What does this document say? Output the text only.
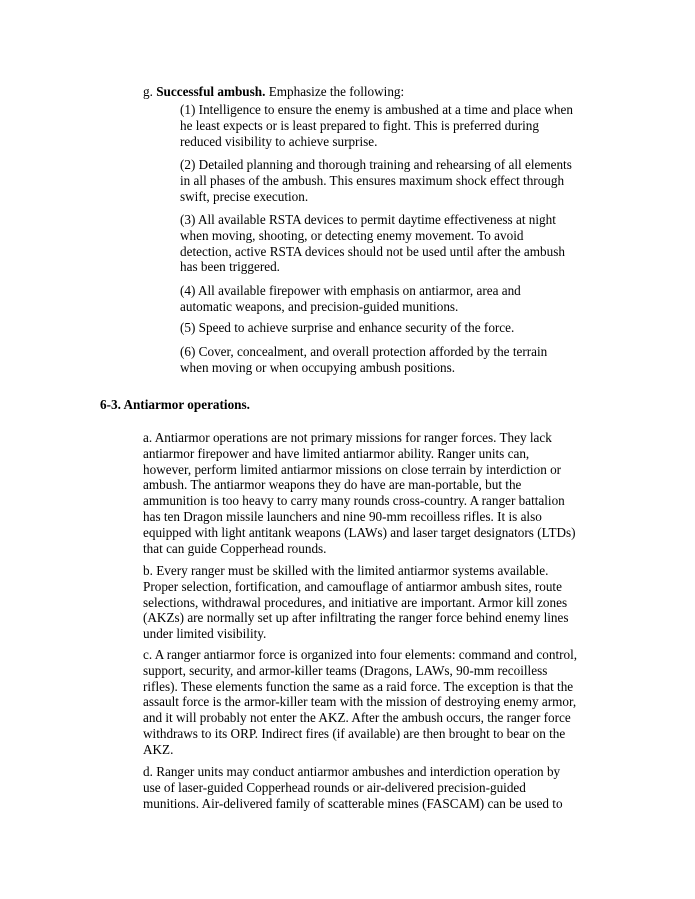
g. Successful ambush. Emphasize the following:

(1) Intelligence to ensure the enemy is ambushed at a time and place when
he least expects or is least prepared to fight. This is preferred during
reduced visibility to achieve surprise.

(2) Detailed planning and thorough training and rehearsing of all elements
in all phases of the ambush. This ensures maximum shock effect through
swift, precise execution.

(3) All available RSTA devices to permit daytime effectiveness at night
when moving, shooting, or detecting enemy movement. To avoid
detection, active RSTA devices should not be used until after the ambush
has been triggered.

(4) All available firepower with emphasis on antiarmor, area and
automatic weapons, and precision-guided munitions.

(5) Speed to achieve surprise and enhance security of the force.

(6) Cover, concealment, and overall protection afforded by the terrain
when moving or when occupying ambush positions.

6-3. Antiarmor operations.

a. Antiarmor operations are not primary missions for ranger forces. They lack
antiarmor firepower and have limited antiarmor ability. Ranger units can,
however, perform limited antiarmor missions on close terrain by interdiction or
ambush. The antiarmor weapons they do have are man-portable, but the
ammunition is too heavy to carry many rounds cross-country. A ranger battalion
has ten Dragon missile launchers and nine 90-mm recoilless rifles. It is also
equipped with light antitank weapons (LAWs) and laser target designators (LTDs)
that can guide Copperhead rounds.

b. Every ranger must be skilled with the limited antiarmor systems available.
Proper selection, fortification, and camouflage of antiarmor ambush sites, route
selections, withdrawal procedures, and initiative are important. Armor kill zones
(AKZs) are normally set up after infiltrating the ranger force behind enemy lines
under limited visibility.

c. A ranger antiarmor force is organized into four elements: command and control,
support, security, and armor-killer teams (Dragons, LAWs, 90-mm recoilless
rifles). These elements function the same as a raid force. The exception is that the
assault force is the armor-killer team with the mission of destroying enemy armor,
and it will probably not enter the AKZ. After the ambush occurs, the ranger force
withdraws to its ORP. Indirect fires (if available) are then brought to bear on the
AKZ.

d. Ranger units may conduct antiarmor ambushes and interdiction operation by
use of laser-guided Copperhead rounds or air-delivered precision-guided
munitions. Air-delivered family of scatterable mines (FASCAM) can be used to
